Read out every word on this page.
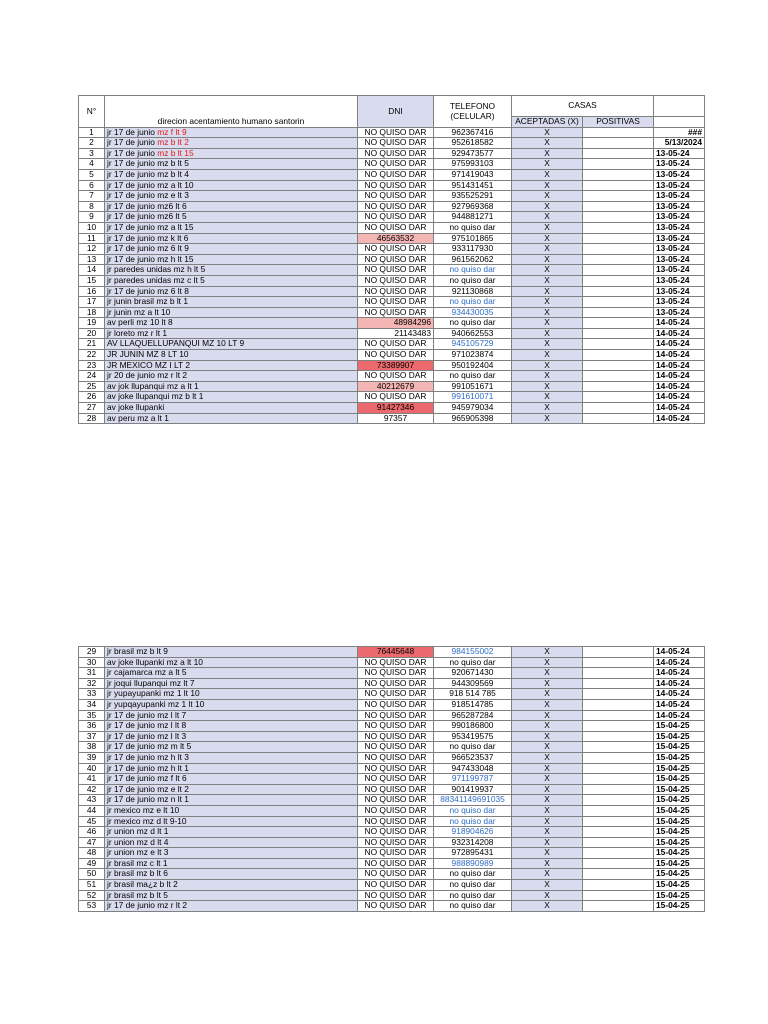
N°	direcion acentamiento humano santorin	DNI	TELEFONO
(CELULAR)	CASAS		
				ACEPTADAS (X)	POSITIVAS	
1	jr 17 de junio mz f lt 9	NO QUISO DAR	962367416	X		###
2	jr 17 de junio mz b lt 2	NO QUISO DAR	952618582	X		5/13/2024
3	jr 17 de junio mz b lt 15	NO QUISO DAR	929473577	X		13-05-24
4	jr 17 de junio mz b lt 5	NO QUISO DAR	975993103	X		13-05-24
5	jr 17 de junio mz b lt 4	NO QUISO DAR	971419043	X		13-05-24
6	jr 17 de junio mz a lt 10	NO QUISO DAR	951431451	X		13-05-24
7	jr 17 de junio mz e lt 3	NO QUISO DAR	935525291	X		13-05-24
8	jr 17 de junio mz6 lt 6	NO QUISO DAR	927969368	X		13-05-24
9	jr 17 de junio mz6 lt 5	NO QUISO DAR	944881271	X		13-05-24
10	jr 17 de junio mz a lt 15	NO QUISO DAR	no quiso dar	X		13-05-24
11	jr 17 de junio mz k lt 6	46563532	975101865	X		13-05-24
12	jr 17 de junio mz 6 lt 9	NO QUISO DAR	933117930	X		13-05-24
13	jr 17 de junio mz h lt 15	NO QUISO DAR	961562062	X		13-05-24
14	jr paredes unidas mz h lt 5	NO QUISO DAR	no quiso dar	X		13-05-24
15	jr paredes unidas mz c lt 5	NO QUISO DAR	no quiso dar	X		13-05-24
16	jr 17 de junio mz 6 lt 8	NO QUISO DAR	921130868	X		13-05-24
17	jr junin brasil mz b lt 1	NO QUISO DAR	no quiso dar	X		13-05-24
18	jr junin mz a lt 10	NO QUISO DAR	934430035	X		13-05-24
19	av perli mz 10 lt 8	48984296	no quiso dar	X		14-05-24
20	jr loreto mz r lt 1	21143483	940662553	X		14-05-24
21	AV LLAQUELLUPANQUI MZ 10 LT 9	NO QUISO DAR	945105729	X		14-05-24
22	JR JUNIN MZ 8 LT 10	NO QUISO DAR	971023874	X		14-05-24
23	JR MEXICO MZ I LT 2	73389907	950192404	X		14-05-24
24	jr 20 de junio mz r lt 2	NO QUISO DAR	no quiso dar	X		14-05-24
25	av jok llupanqui mz a lt 1	40212679	991051671	X		14-05-24
26	av joke llupanqui mz b lt 1	NO QUISO DAR	991610071	X		14-05-24
27	av joke llupanki	91427346	945979034	X		14-05-24
28	av peru mz a lt 1	97357	965905398	X		14-05-24
29	jr brasil mz b lt 9	76445648	984155002	X		14-05-24
30	av joke llupanki mz a lt 10	NO QUISO DAR	no quiso dar	X		14-05-24
31	jr cajamarca mz a lt 5	NO QUISO DAR	920671430	X		14-05-24
32	jr joqui llupanqui mz lt 7	NO QUISO DAR	944309569	X		14-05-24
33	jr yupayupanki mz 1 lt 10	NO QUISO DAR	918 514 785	X		14-05-24
34	jr yupqayupanki mz 1 lt 10	NO QUISO DAR	918514785	X		14-05-24
35	jr 17 de junio mz l lt 7	NO QUISO DAR	965287284	X		14-05-24
36	jr 17 de junio mz l lt 8	NO QUISO DAR	990186800	X		15-04-25
37	jr 17 de junio mz l lt 3	NO QUISO DAR	953419575	X		15-04-25
38	jr 17 de junio mz m lt 5	NO QUISO DAR	no quiso dar	X		15-04-25
39	jr 17 de junio mz h lt 3	NO QUISO DAR	966523537	X		15-04-25
40	jr 17 de junio mz h lt 1	NO QUISO DAR	947433048	X		15-04-25
41	jr 17 de junio mz f lt 6	NO QUISO DAR	971199787	X		15-04-25
42	jr 17 de junio mz e lt 2	NO QUISO DAR	901419937	X		15-04-25
43	jr 17 de junio mz n lt 1	NO QUISO DAR	88341149691035	X		15-04-25
44	jr mexico mz e lt 10	NO QUISO DAR	no quiso dar	X		15-04-25
45	jr mexico mz d lt 9-10	NO QUISO DAR	no quiso dar	X		15-04-25
46	jr union mz d lt 1	NO QUISO DAR	918904626	X		15-04-25
47	jr union mz d lt 4	NO QUISO DAR	932314208	X		15-04-25
48	jr union mz e lt 3	NO QUISO DAR	972895431	X		15-04-25
49	jr brasil mz c lt 1	NO QUISO DAR	988890989	X		15-04-25
50	jr brasil mz b lt 6	NO QUISO DAR	no quiso dar	X		15-04-25
51	jr brasil ma¿z b lt 2	NO QUISO DAR	no quiso dar	X		15-04-25
52	jr brasil mz b lt 5	NO QUISO DAR	no quiso dar	X		15-04-25
53	jr 17 de junio mz r lt 2	NO QUISO DAR	no quiso dar	X		15-04-25
